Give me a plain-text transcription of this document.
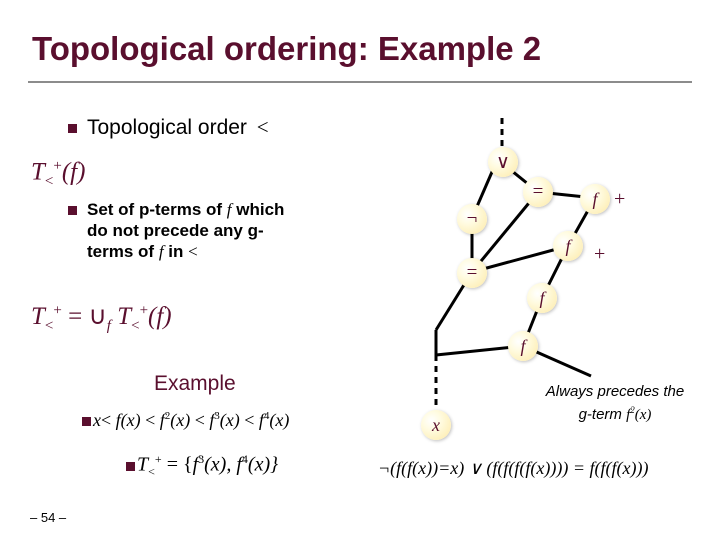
Topological ordering: Example 2
Topological order <
$T_<^+(f)$
Set of p-terms of f which
do not precede any g-
terms of f in <
$T_<^+$ = $\cup_f$ $T_<^+(f)$
Example
$x< f(x) < f^2(x) < f^3(x) < f^4(x)$
$T_<^+ = \{f^3(x)$, $f^4(x)$}
∨
=
¬
=
f
f
f
f
x
+
+
Always precedes the
g-term $f^2(x)$
¬(f(f(x))=x) ∨ (f(f(f(f(x)))) = f(f(f(x)))
– 54 –
